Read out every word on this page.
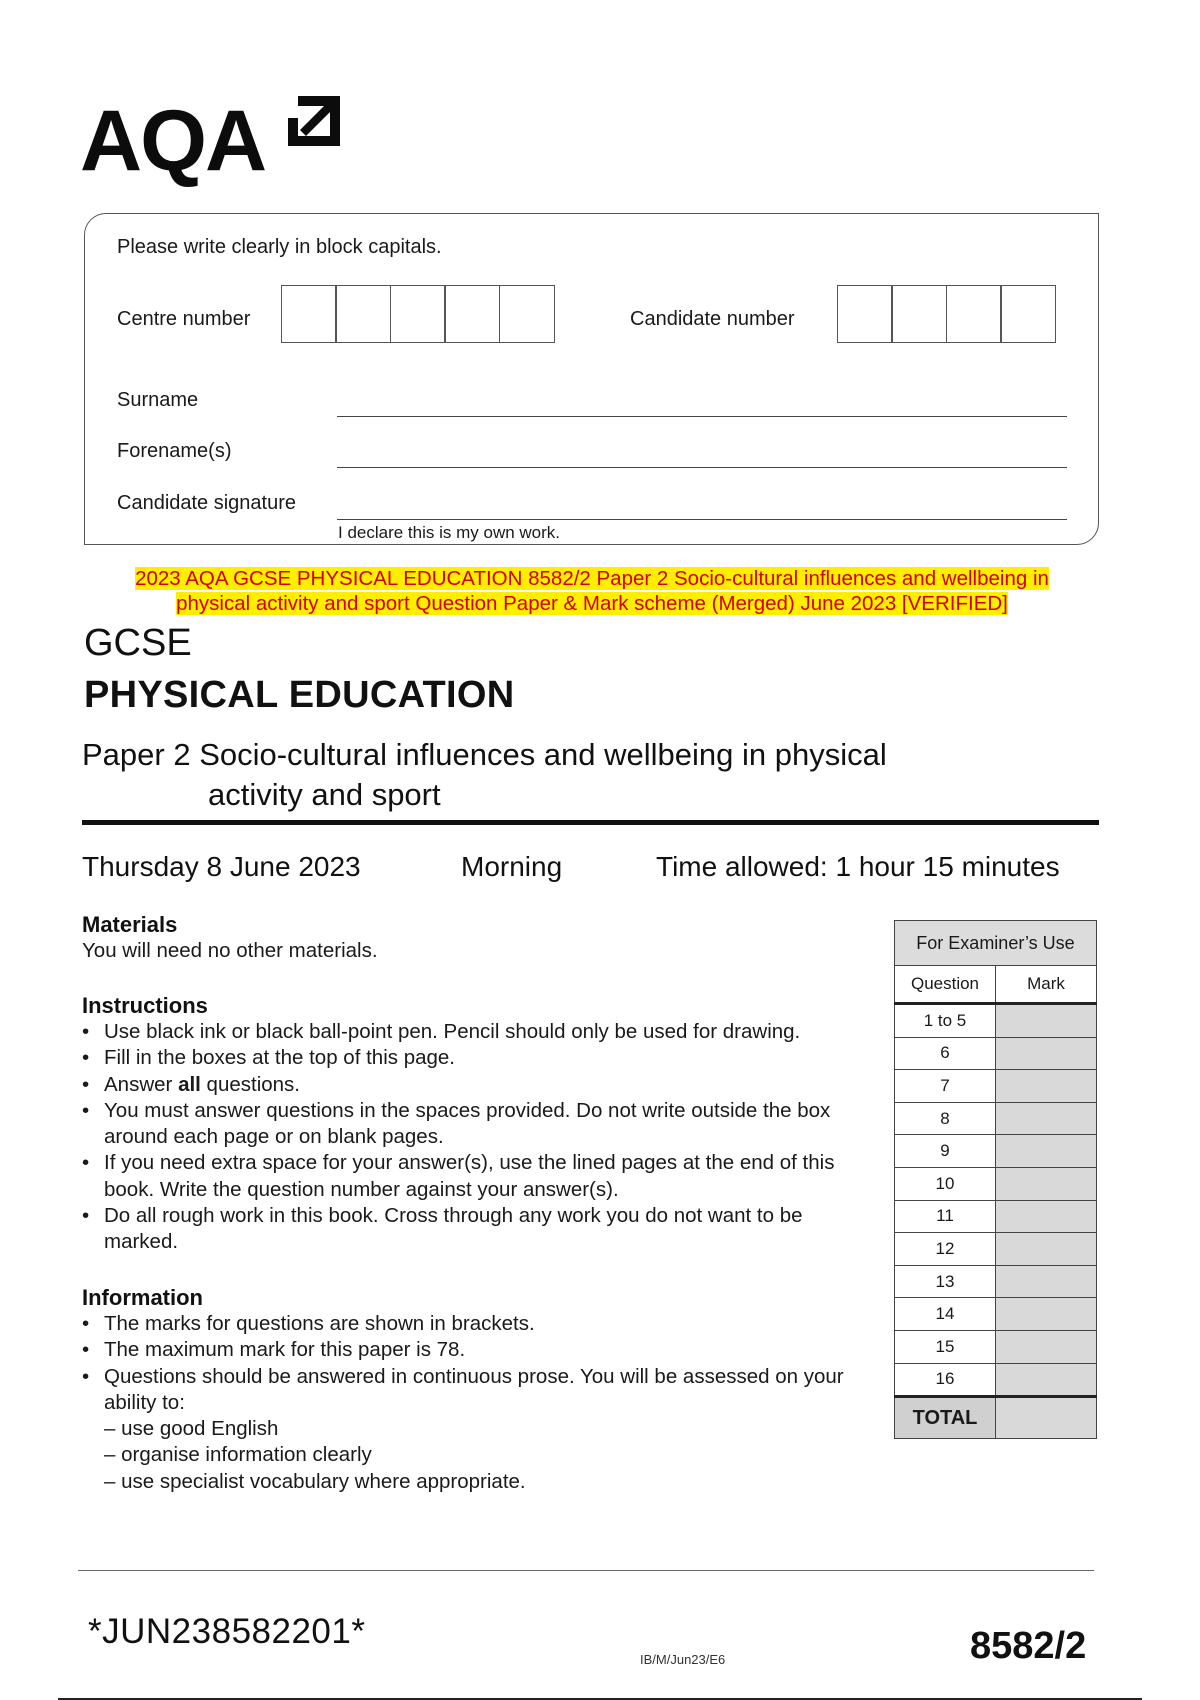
AQA
Please write clearly in block capitals.
Centre number	Candidate number
Surname
Forename(s)
Candidate signature
I declare this is my own work.
2023 AQA GCSE PHYSICAL EDUCATION 8582/2 Paper 2 Socio-cultural influences and wellbeing in
physical activity and sport Question Paper & Mark scheme (Merged) June 2023 [VERIFIED]
GCSE
PHYSICAL EDUCATION
Paper 2 Socio-cultural influences and wellbeing in physical
activity and sport
Thursday 8 June 2023	Morning	Time allowed: 1 hour 15 minutes
Materials
You will need no other materials.
Instructions
• Use black ink or black ball-point pen. Pencil should only be used for drawing.
• Fill in the boxes at the top of this page.
• Answer all questions.
• You must answer questions in the spaces provided. Do not write outside the box around each page or on blank pages.
• If you need extra space for your answer(s), use the lined pages at the end of this book. Write the question number against your answer(s).
• Do all rough work in this book. Cross through any work you do not want to be marked.
Information
• The marks for questions are shown in brackets.
• The maximum mark for this paper is 78.
• Questions should be answered in continuous prose. You will be assessed on your ability to:
– use good English
– organise information clearly
– use specialist vocabulary where appropriate.
For Examiner’s Use	
Question	Mark
1 to 5	
6	
7	
8	
9	
10	
11	
12	
13	
14	
15	
16	
TOTAL	
*JUN238582201*
IB/M/Jun23/E6	8582/2
